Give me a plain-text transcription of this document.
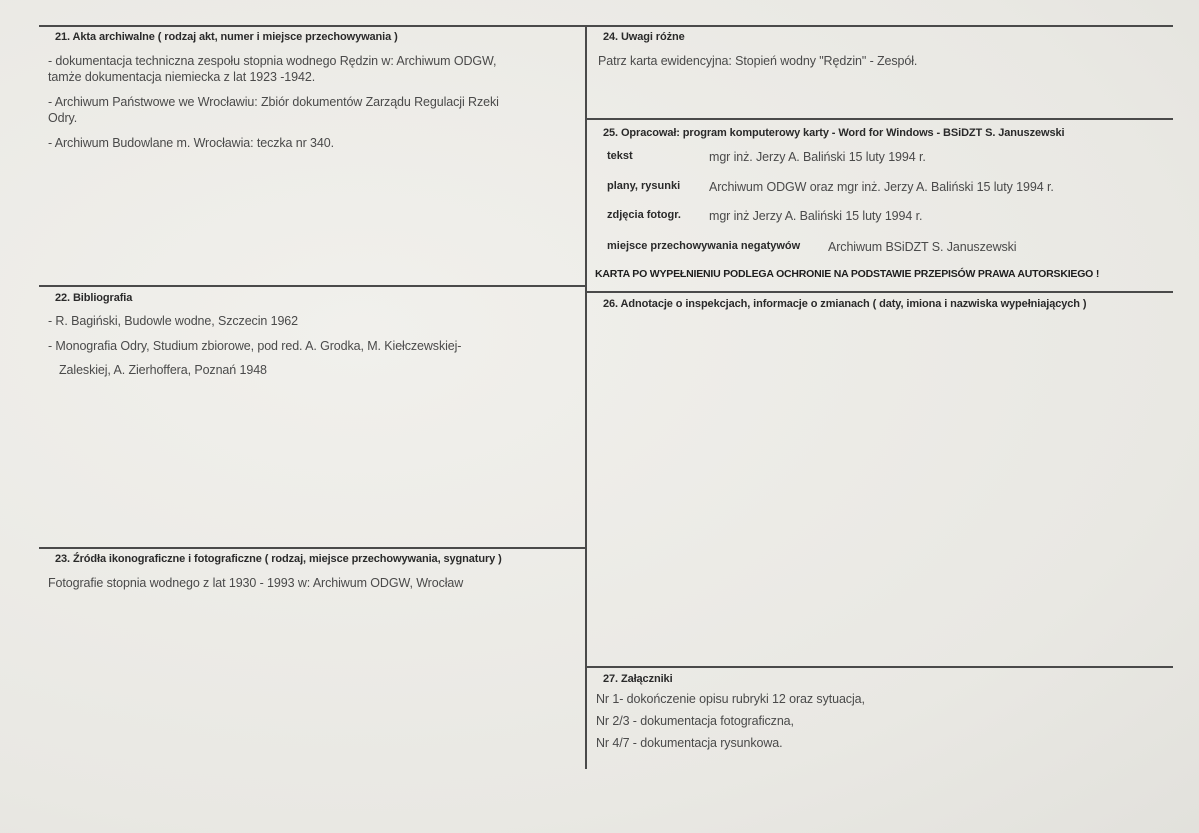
21. Akta archiwalne ( rodzaj akt, numer i miejsce przechowywania )
- dokumentacja techniczna zespołu stopnia wodnego Rędzin w: Archiwum ODGW,
tamże dokumentacja niemiecka z lat 1923 -1942.
- Archiwum Państwowe we Wrocławiu: Zbiór dokumentów Zarządu Regulacji Rzeki
Odry.
- Archiwum Budowlane m. Wrocławia: teczka nr 340.
22. Bibliografia
- R. Bagiński, Budowle wodne, Szczecin 1962
- Monografia Odry, Studium zbiorowe, pod red. A. Grodka, M. Kiełczewskiej-
Zaleskiej, A. Zierhoffera, Poznań 1948
23. Źródła ikonograficzne i fotograficzne ( rodzaj, miejsce przechowywania, sygnatury )
Fotografie stopnia wodnego z lat 1930 - 1993 w: Archiwum ODGW, Wrocław
24. Uwagi różne
Patrz karta ewidencyjna: Stopień wodny "Rędzin" - Zespół.
25. Opracował: program komputerowy karty - Word for Windows - BSiDZT S. Januszewski
tekst	mgr inż. Jerzy A. Baliński 15 luty 1994 r.
plany, rysunki Archiwum ODGW oraz mgr inż. Jerzy A. Baliński 15 luty 1994 r.
zdjęcia fotogr. mgr inż Jerzy A. Baliński 15 luty 1994 r.
miejsce przechowywania negatywów Archiwum BSiDZT S. Januszewski
KARTA PO WYPEŁNIENIU PODLEGA OCHRONIE NA PODSTAWIE PRZEPISÓW PRAWA AUTORSKIEGO !
26. Adnotacje o inspekcjach, informacje o zmianach ( daty, imiona i nazwiska wypełniających )
27. Załączniki
Nr 1- dokończenie opisu rubryki 12 oraz sytuacja,
Nr 2/3 - dokumentacja fotograficzna,
Nr 4/7 - dokumentacja rysunkowa.
